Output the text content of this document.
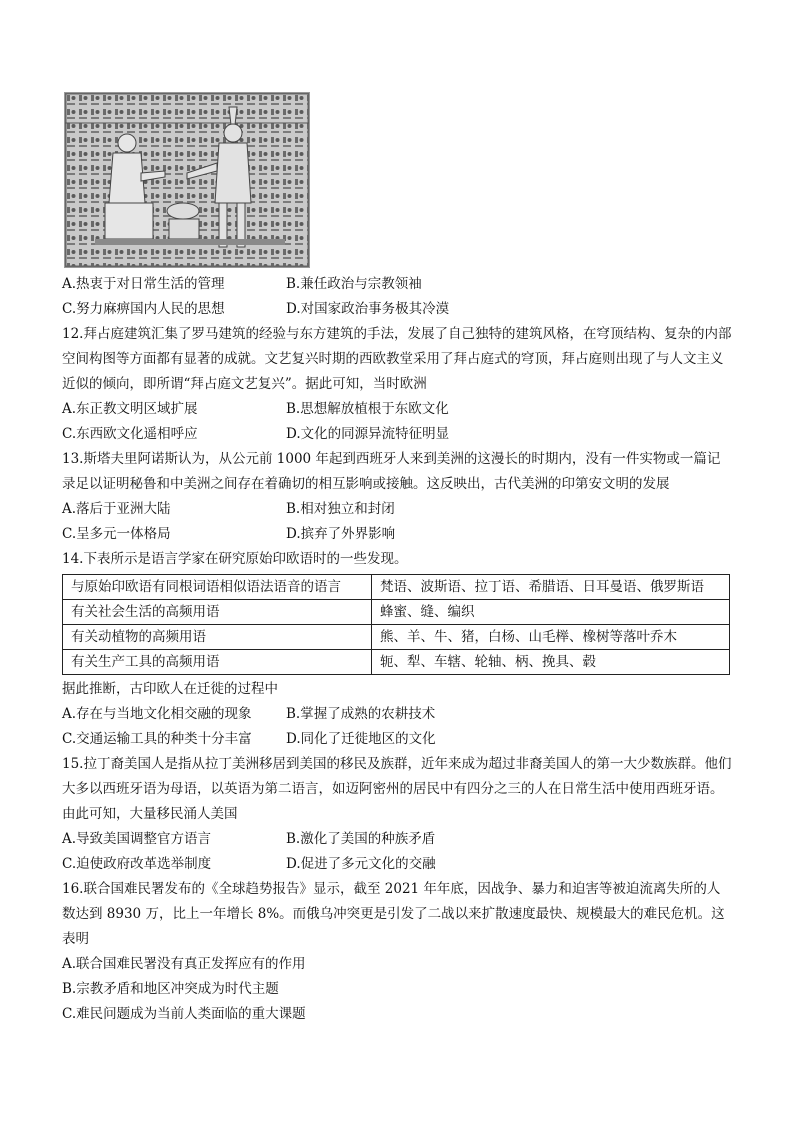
A.热衷于对日常生活的管理	B.兼任政治与宗教领袖
C.努力麻痹国内人民的思想	D.对国家政治事务极其冷漠
12.拜占庭建筑汇集了罗马建筑的经验与东方建筑的手法，发展了自己独特的建筑风格，在穹顶结构、复杂的内部空间构图等方面都有显著的成就。文艺复兴时期的西欧教堂采用了拜占庭式的穹顶，拜占庭则出现了与人文主义近似的倾向，即所谓“拜占庭文艺复兴”。据此可知，当时欧洲
A.东正教文明区域扩展	B.思想解放植根于东欧文化
C.东西欧文化遥相呼应	D.文化的同源异流特征明显
13.斯塔夫里阿诺斯认为，从公元前 1000 年起到西班牙人来到美洲的这漫长的时期内，没有一件实物或一篇记录足以证明秘鲁和中美洲之间存在着确切的相互影响或接触。这反映出，古代美洲的印第安文明的发展
A.落后于亚洲大陆	B.相对独立和封闭
C.呈多元一体格局	D.摈弃了外界影响
14.下表所示是语言学家在研究原始印欧语时的一些发现。
与原始印欧语有同根词语相似语法语音的语言	梵语、波斯语、拉丁语、希腊语、日耳曼语、俄罗斯语
有关社会生活的高频用语	蜂蜜、缝、编织
有关动植物的高频用语	熊、羊、牛、猪，白杨、山毛榉、橡树等落叶乔木
有关生产工具的高频用语	轭、犁、车辖、轮轴、柄、挽具、毂
据此推断，古印欧人在迁徙的过程中
A.存在与当地文化相交融的现象	B.掌握了成熟的农耕技术
C.交通运输工具的种类十分丰富	D.同化了迁徙地区的文化
15.拉丁裔美国人是指从拉丁美洲移居到美国的移民及族群，近年来成为超过非裔美国人的第一大少数族群。他们大多以西班牙语为母语，以英语为第二语言，如迈阿密州的居民中有四分之三的人在日常生活中使用西班牙语。由此可知，大量移民涌人美国
A.导致美国调整官方语言	B.激化了美国的种族矛盾
C.迫使政府改革选举制度	D.促进了多元文化的交融
16.联合国难民署发布的《全球趋势报告》显示，截至 2021 年年底，因战争、暴力和迫害等被迫流离失所的人数达到 8930 万，比上一年增长 8%。而俄乌冲突更是引发了二战以来扩散速度最快、规模最大的难民危机。这表明
A.联合国难民署没有真正发挥应有的作用
B.宗教矛盾和地区冲突成为时代主题
C.难民问题成为当前人类面临的重大课题
